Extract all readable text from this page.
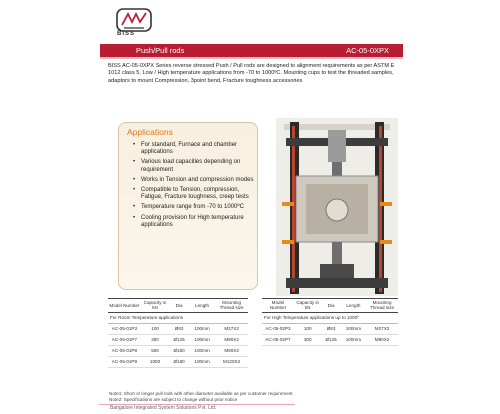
BISS
Push/Pull rods	AC-05-0XPX

BISS AC-05-0XPX Series reverse stressed Push / Pull rods are designed to alignment requirements as per ASTM E 1012 class 5. Low / High temperature applications from -70 to 1000ºC. Mounting cups to test the threaded samples, adaptors to mount Compression, 3point bend, Fracture toughness accessories

Applications
• For standard, Furnace and chamber applications
• Various load capacities depending on requirement
• Works in Tension and compression modes
• Compatible to Tension, compression, Fatigue, Fracture toughness, creep tests
• Temperature range from -70 to 1000ºC
• Cooling provision for High temperature applications
Model Number	Capacity in kN	Dia	Length	Mounting Thread size
For Room Temperature applications				
AC-05-01P3	100	Ø63	100mm	M27X2
AC-05-01P7	300	Ø125	100mm	M90X2
AC-05-01P8	500	Ø150	100mm	M90X2
AC-05-01P9	1000	Ø180	100mm	M120X2
Model Number	Capacity in kN	Dia	Length	Mounting Thread size
For High Temperature applications up to 1000º				
AC-05-02P3	100	Ø63	100mm	M27X2
AC-05-02P7	300	Ø125	100mm	M90X2
Note1: Short or longer pull rods with other diameter available as per customer requirement
Note2: Specifications are subject to change without prior notice
Bangalore Integrated System Solutions Pvt. Ltd.
